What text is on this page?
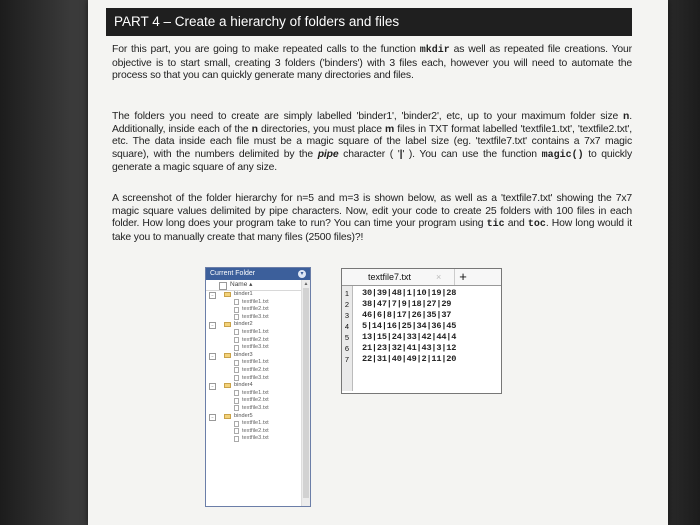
PART 4 – Create a hierarchy of folders and files
For this part, you are going to make repeated calls to the function mkdir as well as repeated file creations. Your objective is to start small, creating 3 folders ('binders') with 3 files each, however you will need to automate the process so that you can quickly generate many directories and files.
The folders you need to create are simply labelled 'binder1', 'binder2', etc, up to your maximum folder size n. Additionally, inside each of the n directories, you must place m files in TXT format labelled 'textfile1.txt', 'textfile2.txt', etc. The data inside each file must be a magic square of the label size (eg. 'textfile7.txt' contains a 7x7 magic square), with the numbers delimited by the pipe character ( '|' ). You can use the function magic() to quickly generate a magic square of any size.
A screenshot of the folder hierarchy for n=5 and m=3 is shown below, as well as a 'textfile7.txt' showing the 7x7 magic square values delimited by pipe characters. Now, edit your code to create 25 folders with 100 files in each folder. How long does your program take to run? You can time your program using tic and toc. How long would it take you to manually create that many files (2500 files)?!
Current Folder	▾
Name ▴
−	binder1
textfile1.txt
textfile2.txt
textfile3.txt
−	binder2
textfile1.txt
textfile2.txt
textfile3.txt
−	binder3
textfile1.txt
textfile2.txt
textfile3.txt
−	binder4
textfile1.txt
textfile2.txt
textfile3.txt
−	binder5
textfile1.txt
textfile2.txt
textfile3.txt
▲
textfile7.txt	×	+
1	30|39|48|1|10|19|28
2	38|47|7|9|18|27|29
3	46|6|8|17|26|35|37
4	5|14|16|25|34|36|45
5	13|15|24|33|42|44|4
6	21|23|32|41|43|3|12
7	22|31|40|49|2|11|20
